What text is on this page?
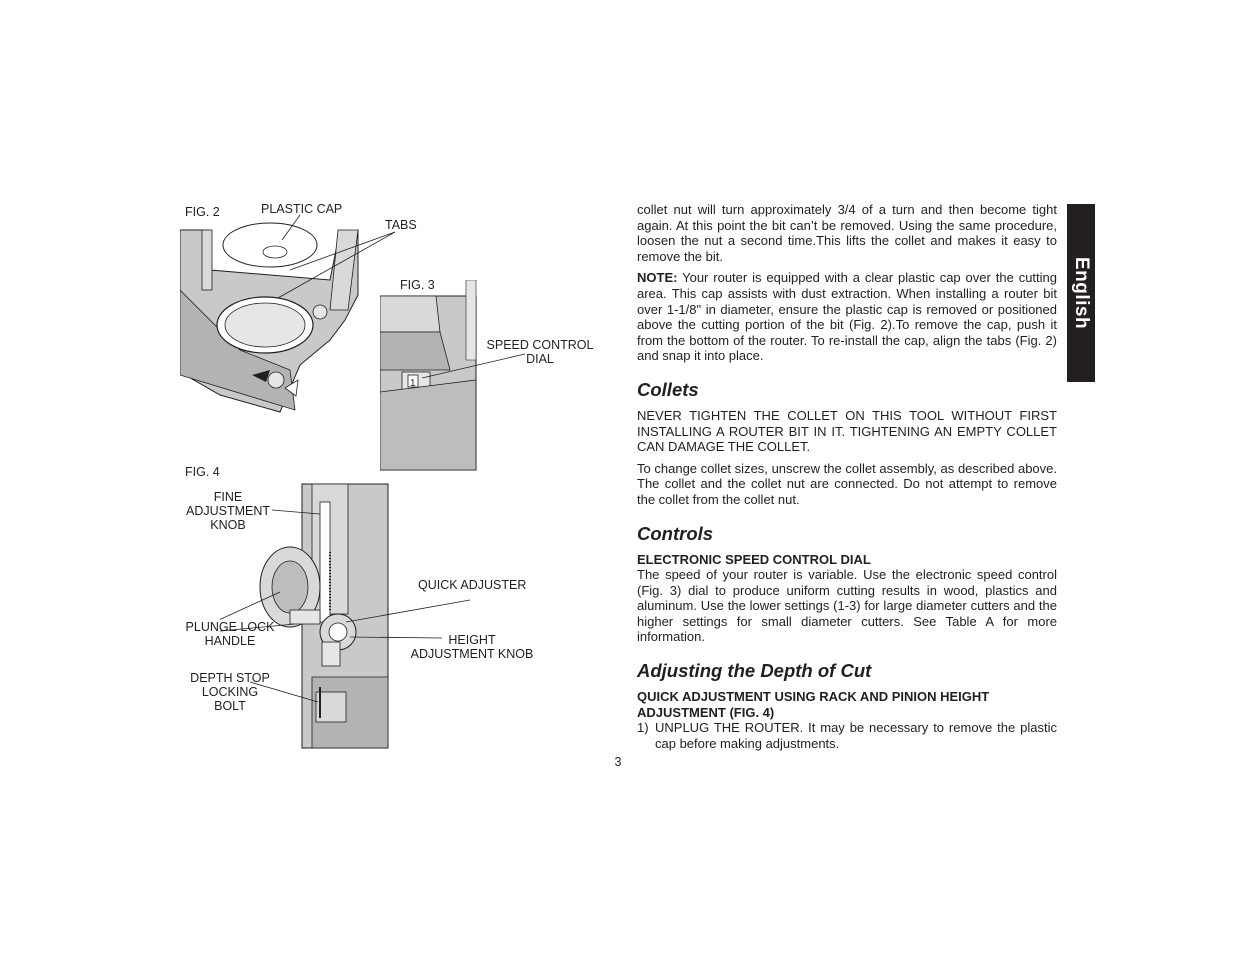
FIG. 2	PLASTIC CAP
TABS
FIG. 3
SPEED CONTROL
DIAL
1
FIG. 4
FINE
ADJUSTMENT
KNOB
PLUNGE LOCK
HANDLE
DEPTH STOP
LOCKING
BOLT
QUICK ADJUSTER
HEIGHT
ADJUSTMENT KNOB

collet nut will turn approximately 3/4 of a turn and then become tight again. At this point the bit can’t be removed. Using the same procedure, loosen the nut a second time.This lifts the collet and makes it easy to remove the bit.

NOTE: Your router is equipped with a clear plastic cap over the cutting area. This cap assists with dust extraction. When installing a router bit over 1-1/8" in diameter, ensure the plastic cap is removed or positioned above the cutting portion of the bit (Fig. 2).To remove the cap, push it from the bottom of the router. To re-install the cap, align the tabs (Fig. 2) and snap it into place.

Collets

NEVER TIGHTEN THE COLLET ON THIS TOOL WITHOUT FIRST INSTALLING A ROUTER BIT IN IT. TIGHTENING AN EMPTY COLLET CAN DAMAGE THE COLLET.

To change collet sizes, unscrew the collet assembly, as described above. The collet and the collet nut are connected. Do not attempt to remove the collet from the collet nut.

Controls
ELECTRONIC SPEED CONTROL DIAL

The speed of your router is variable. Use the electronic speed control (Fig. 3) dial to produce uniform cutting results in wood, plastics and aluminum. Use the lower settings (1-3) for large diameter cutters and the higher settings for small diameter cutters. See Table A for more information.

Adjusting the Depth of Cut
QUICK ADJUSTMENT USING RACK AND PINION HEIGHT ADJUSTMENT (FIG. 4)
1) UNPLUG THE ROUTER. It may be necessary to remove the plastic cap before making adjustments.
English
3
